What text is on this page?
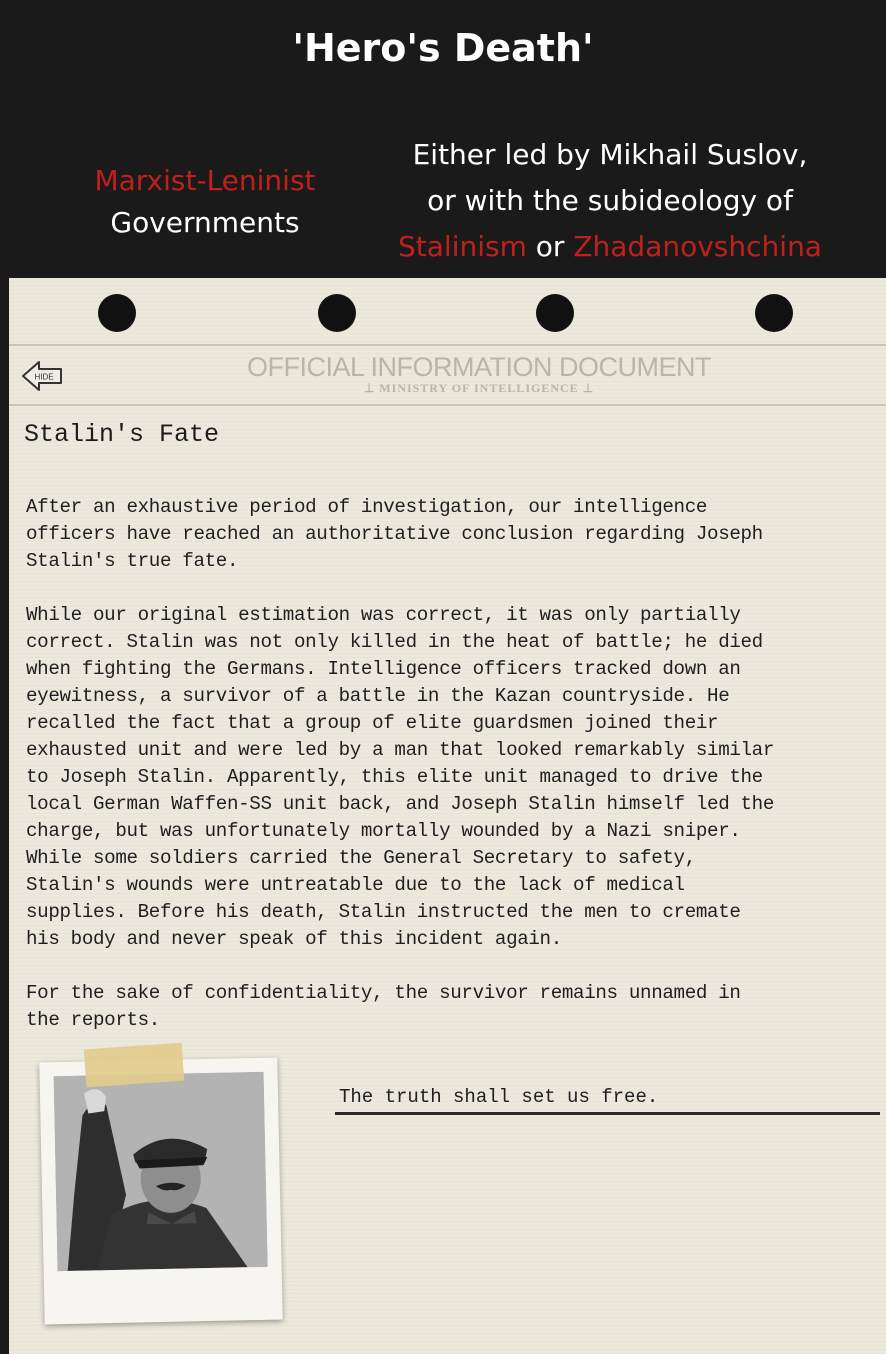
'Hero's Death'
Marxist-Leninist
Governments
Either led by Mikhail Suslov,
or with the subideology of
Stalinism or Zhadanovshchina
HIDE	OFFICIAL INFORMATION DOCUMENT
⊥ MINISTRY OF INTELLIGENCE ⊥
Stalin's Fate

After an exhaustive period of investigation, our intelligence
officers have reached an authoritative conclusion regarding Joseph
Stalin's true fate.

While our original estimation was correct, it was only partially
correct. Stalin was not only killed in the heat of battle; he died
when fighting the Germans. Intelligence officers tracked down an
eyewitness, a survivor of a battle in the Kazan countryside. He
recalled the fact that a group of elite guardsmen joined their
exhausted unit and were led by a man that looked remarkably similar
to Joseph Stalin. Apparently, this elite unit managed to drive the
local German Waffen-SS unit back, and Joseph Stalin himself led the
charge, but was unfortunately mortally wounded by a Nazi sniper.
While some soldiers carried the General Secretary to safety,
Stalin's wounds were untreatable due to the lack of medical
supplies. Before his death, Stalin instructed the men to cremate
his body and never speak of this incident again.

For the sake of confidentiality, the survivor remains unnamed in
the reports.

The truth shall set us free.
